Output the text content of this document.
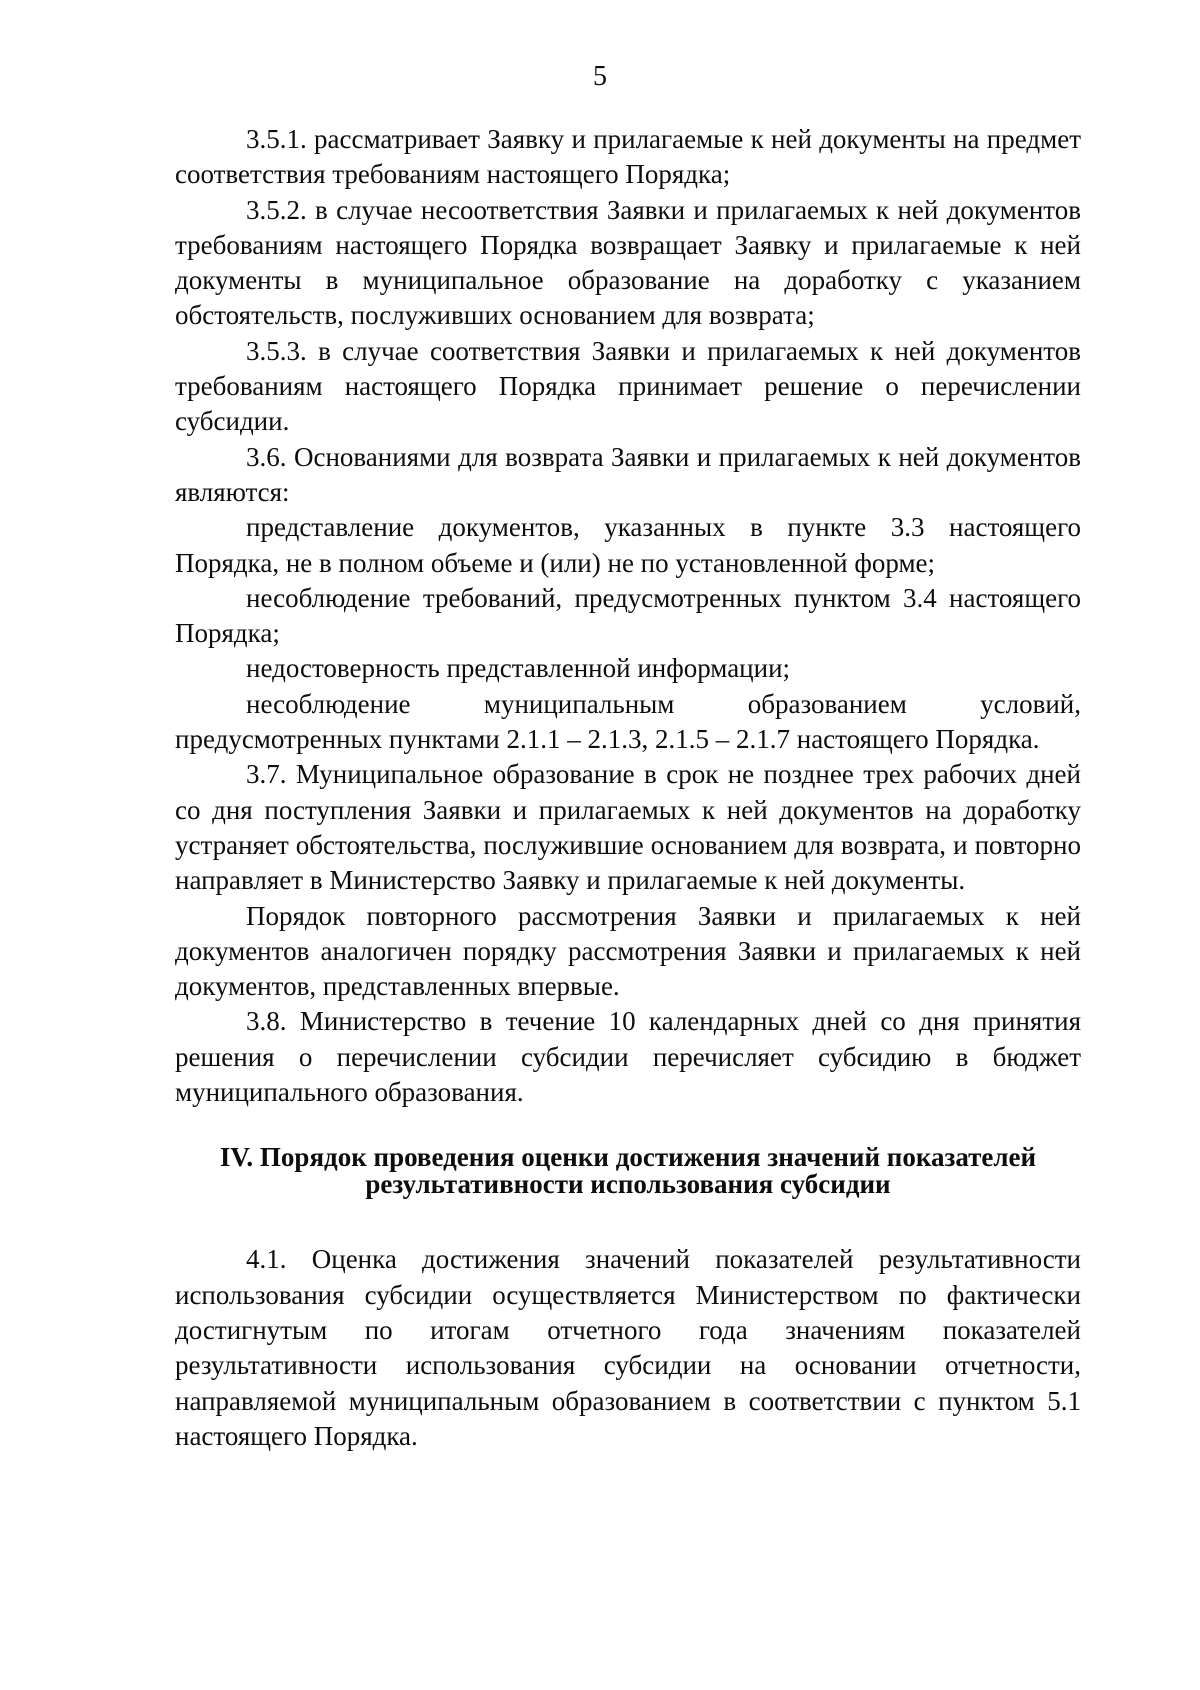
5

3.5.1. рассматривает Заявку и прилагаемые к ней документы на предмет соответствия требованиям настоящего Порядка;

3.5.2. в случае несоответствия Заявки и прилагаемых к ней документов требованиям настоящего Порядка возвращает Заявку и прилагаемые к ней документы в муниципальное образование на доработку с указанием обстоятельств, послуживших основанием для возврата;

3.5.3. в случае соответствия Заявки и прилагаемых к ней документов требованиям настоящего Порядка принимает решение о перечислении субсидии.

3.6. Основаниями для возврата Заявки и прилагаемых к ней документов являются:

представление документов, указанных в пункте 3.3 настоящего Порядка, не в полном объеме и (или) не по установленной форме;

несоблюдение требований, предусмотренных пунктом 3.4 настоящего Порядка;

недостоверность представленной информации;

несоблюдение муниципальным образованием условий, предусмотренных пунктами 2.1.1 – 2.1.3, 2.1.5 – 2.1.7 настоящего Порядка.

3.7. Муниципальное образование в срок не позднее трех рабочих дней со дня поступления Заявки и прилагаемых к ней документов на доработку устраняет обстоятельства, послужившие основанием для возврата, и повторно направляет в Министерство Заявку и прилагаемые к ней документы.

Порядок повторного рассмотрения Заявки и прилагаемых к ней документов аналогичен порядку рассмотрения Заявки и прилагаемых к ней документов, представленных впервые.

3.8. Министерство в течение 10 календарных дней со дня принятия решения о перечислении субсидии перечисляет субсидию в бюджет муниципального образования.

IV. Порядок проведения оценки достижения значений показателей
результативности использования субсидии

4.1. Оценка достижения значений показателей результативности использования субсидии осуществляется Министерством по фактически достигнутым по итогам отчетного года значениям показателей результативности использования субсидии на основании отчетности, направляемой муниципальным образованием в соответствии с пунктом 5.1 настоящего Порядка.
